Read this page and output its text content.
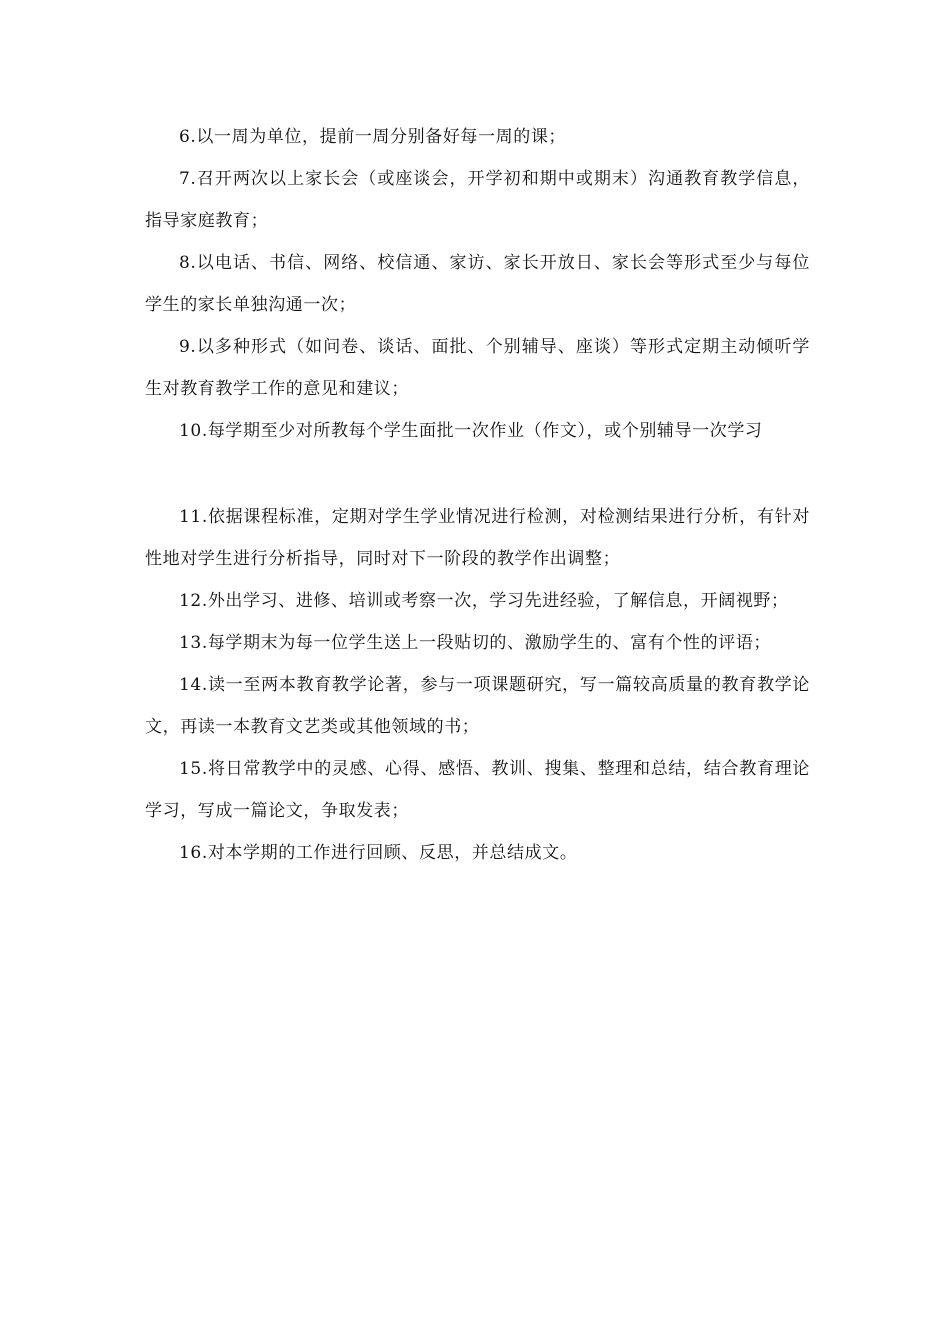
6.以一周为单位，提前一周分别备好每一周的课；

7.召开两次以上家长会（或座谈会，开学初和期中或期末）沟通教育教学信息，指导家庭教育；

8.以电话、书信、网络、校信通、家访、家长开放日、家长会等形式至少与每位学生的家长单独沟通一次；

9.以多种形式（如问卷、谈话、面批、个别辅导、座谈）等形式定期主动倾听学生对教育教学工作的意见和建议；

10.每学期至少对所教每个学生面批一次作业（作文），或个别辅导一次学习

11.依据课程标准，定期对学生学业情况进行检测，对检测结果进行分析，有针对性地对学生进行分析指导，同时对下一阶段的教学作出调整；

12.外出学习、进修、培训或考察一次，学习先进经验，了解信息，开阔视野；

13.每学期末为每一位学生送上一段贴切的、激励学生的、富有个性的评语；

14.读一至两本教育教学论著，参与一项课题研究，写一篇较高质量的教育教学论文，再读一本教育文艺类或其他领域的书；

15.将日常教学中的灵感、心得、感悟、教训、搜集、整理和总结，结合教育理论学习，写成一篇论文，争取发表；

16.对本学期的工作进行回顾、反思，并总结成文。
